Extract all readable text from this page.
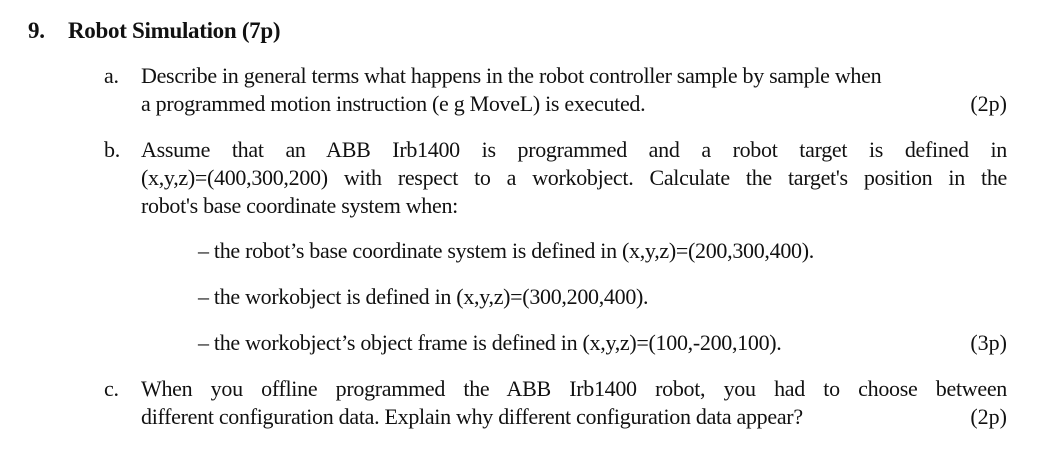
9. Robot Simulation (7p)
a. Describe in general terms what happens in the robot controller sample by sample when
a programmed motion instruction (e g MoveL) is executed.	(2p)
b. Assume that an ABB Irb1400 is programmed and a robot target is defined in
(x,y,z)=(400,300,200) with respect to a workobject. Calculate the target's position in the
robot's base coordinate system when:
– the robot’s base coordinate system is defined in (x,y,z)=(200,300,400).
– the workobject is defined in (x,y,z)=(300,200,400).
– the workobject’s object frame is defined in (x,y,z)=(100,-200,100).	(3p)
c. When you offline programmed the ABB Irb1400 robot, you had to choose between
different configuration data. Explain why different configuration data appear?	(2p)
